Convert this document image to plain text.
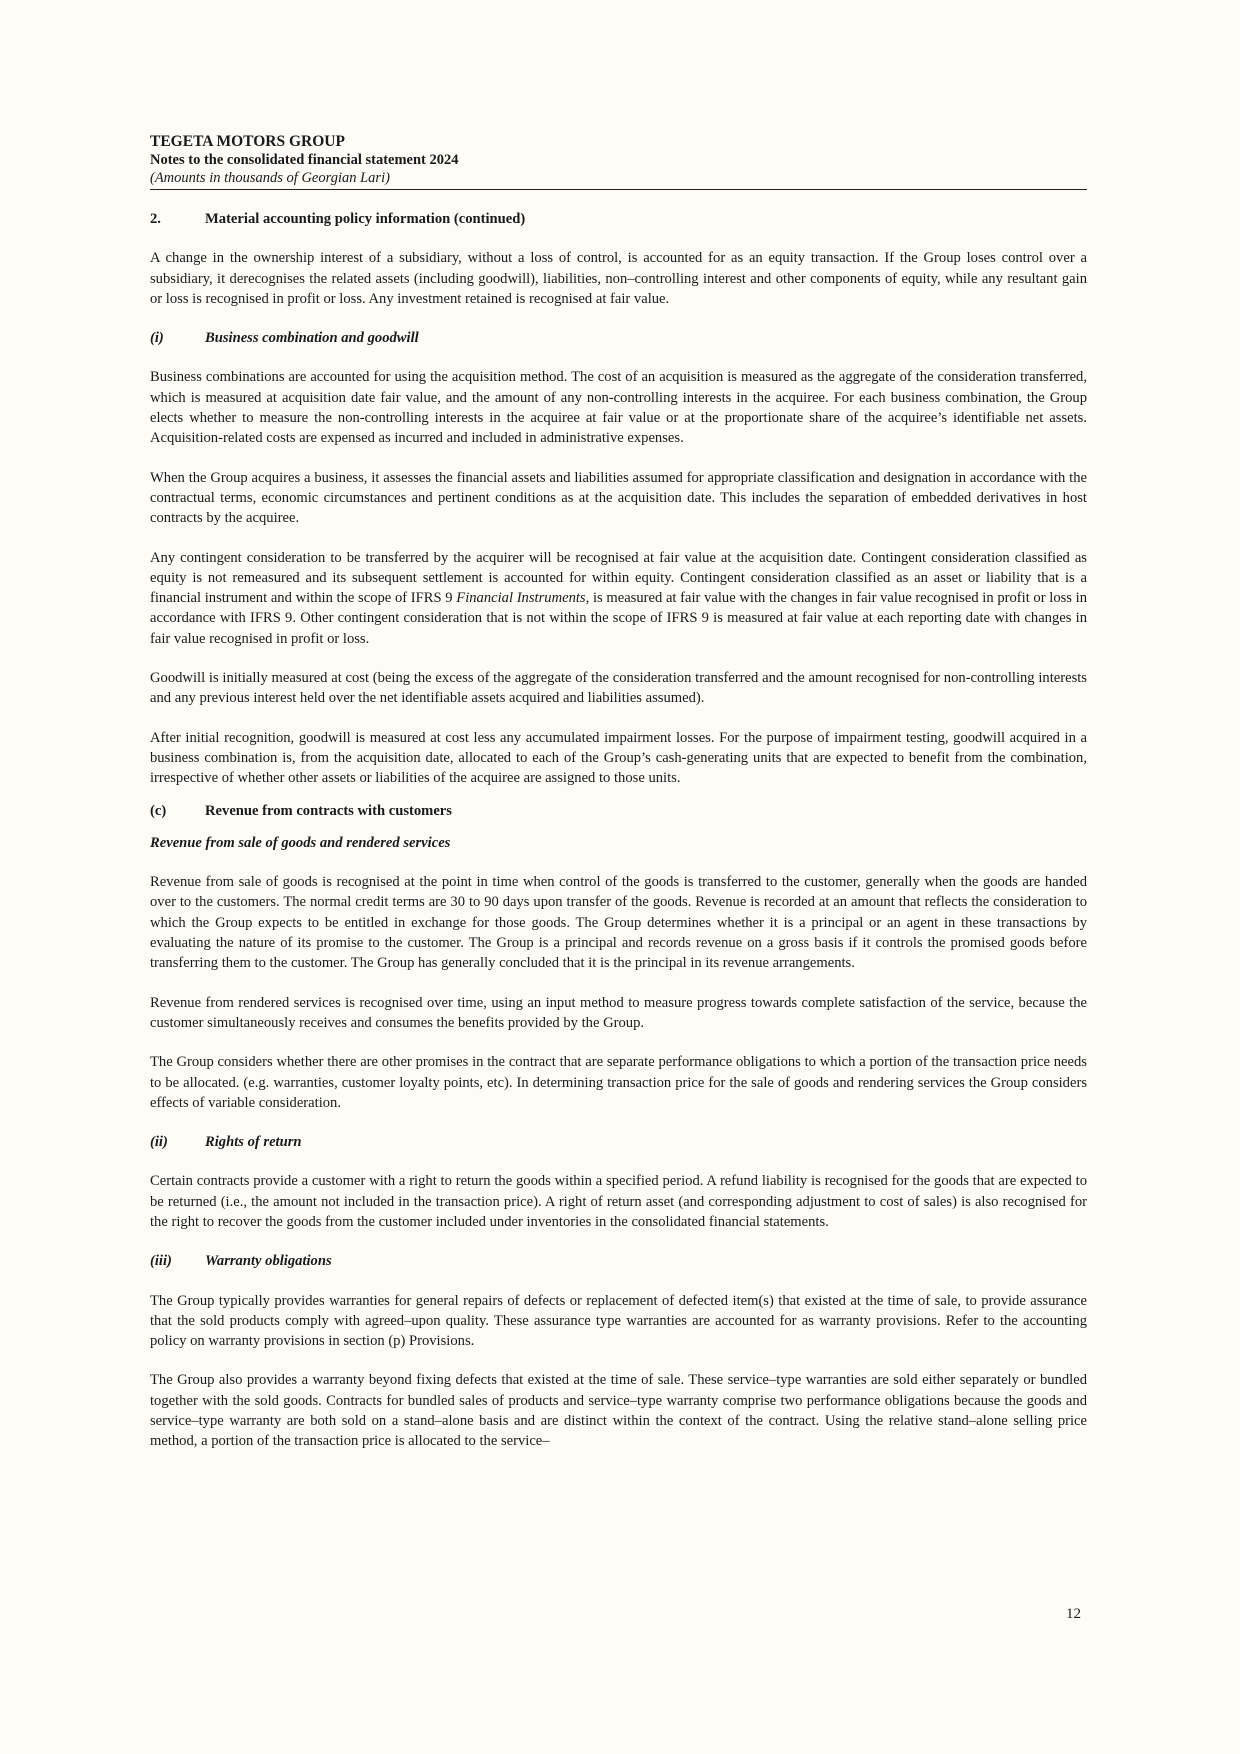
TEGETA MOTORS GROUP
Notes to the consolidated financial statement 2024
(Amounts in thousands of Georgian Lari)
2.	Material accounting policy information (continued)

A change in the ownership interest of a subsidiary, without a loss of control, is accounted for as an equity transaction. If the Group loses control over a subsidiary, it derecognises the related assets (including goodwill), liabilities, non–controlling interest and other components of equity, while any resultant gain or loss is recognised in profit or loss. Any investment retained is recognised at fair value.

(i)	Business combination and goodwill

Business combinations are accounted for using the acquisition method. The cost of an acquisition is measured as the aggregate of the consideration transferred, which is measured at acquisition date fair value, and the amount of any non-controlling interests in the acquiree. For each business combination, the Group elects whether to measure the non-controlling interests in the acquiree at fair value or at the proportionate share of the acquiree’s identifiable net assets. Acquisition-related costs are expensed as incurred and included in administrative expenses.

When the Group acquires a business, it assesses the financial assets and liabilities assumed for appropriate classification and designation in accordance with the contractual terms, economic circumstances and pertinent conditions as at the acquisition date. This includes the separation of embedded derivatives in host contracts by the acquiree.

Any contingent consideration to be transferred by the acquirer will be recognised at fair value at the acquisition date. Contingent consideration classified as equity is not remeasured and its subsequent settlement is accounted for within equity. Contingent consideration classified as an asset or liability that is a financial instrument and within the scope of IFRS 9 Financial Instruments, is measured at fair value with the changes in fair value recognised in profit or loss in accordance with IFRS 9. Other contingent consideration that is not within the scope of IFRS 9 is measured at fair value at each reporting date with changes in fair value recognised in profit or loss.

Goodwill is initially measured at cost (being the excess of the aggregate of the consideration transferred and the amount recognised for non-controlling interests and any previous interest held over the net identifiable assets acquired and liabilities assumed).

After initial recognition, goodwill is measured at cost less any accumulated impairment losses. For the purpose of impairment testing, goodwill acquired in a business combination is, from the acquisition date, allocated to each of the Group’s cash-generating units that are expected to benefit from the combination, irrespective of whether other assets or liabilities of the acquiree are assigned to those units.

(c)	Revenue from contracts with customers
Revenue from sale of goods and rendered services

Revenue from sale of goods is recognised at the point in time when control of the goods is transferred to the customer, generally when the goods are handed over to the customers. The normal credit terms are 30 to 90 days upon transfer of the goods. Revenue is recorded at an amount that reflects the consideration to which the Group expects to be entitled in exchange for those goods. The Group determines whether it is a principal or an agent in these transactions by evaluating the nature of its promise to the customer. The Group is a principal and records revenue on a gross basis if it controls the promised goods before transferring them to the customer. The Group has generally concluded that it is the principal in its revenue arrangements.

Revenue from rendered services is recognised over time, using an input method to measure progress towards complete satisfaction of the service, because the customer simultaneously receives and consumes the benefits provided by the Group.

The Group considers whether there are other promises in the contract that are separate performance obligations to which a portion of the transaction price needs to be allocated. (e.g. warranties, customer loyalty points, etc). In determining transaction price for the sale of goods and rendering services the Group considers effects of variable consideration.

(ii)	Rights of return

Certain contracts provide a customer with a right to return the goods within a specified period. A refund liability is recognised for the goods that are expected to be returned (i.e., the amount not included in the transaction price). A right of return asset (and corresponding adjustment to cost of sales) is also recognised for the right to recover the goods from the customer included under inventories in the consolidated financial statements.

(iii)	Warranty obligations

The Group typically provides warranties for general repairs of defects or replacement of defected item(s) that existed at the time of sale, to provide assurance that the sold products comply with agreed–upon quality. These assurance type warranties are accounted for as warranty provisions. Refer to the accounting policy on warranty provisions in section (p) Provisions.

The Group also provides a warranty beyond fixing defects that existed at the time of sale. These service–type warranties are sold either separately or bundled together with the sold goods. Contracts for bundled sales of products and service–type warranty comprise two performance obligations because the goods and service–type warranty are both sold on a stand–alone basis and are distinct within the context of the contract. Using the relative stand–alone selling price method, a portion of the transaction price is allocated to the service–

12
